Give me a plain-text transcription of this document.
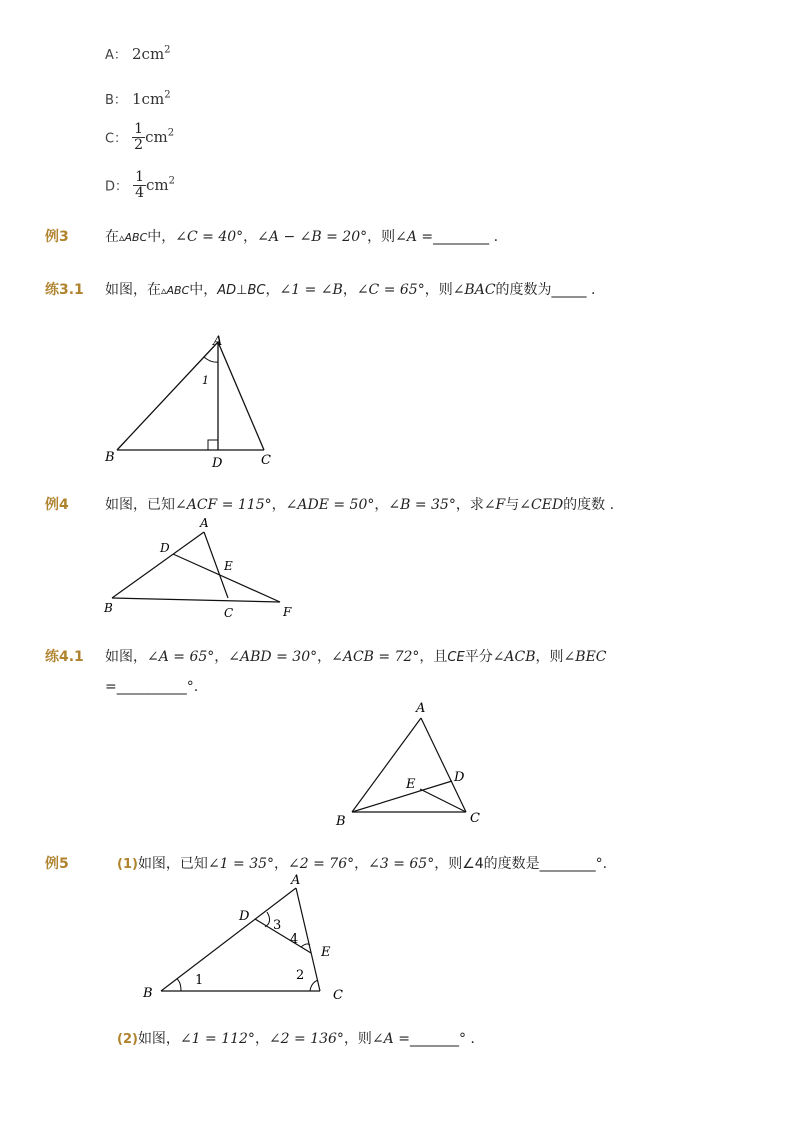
A： $2cm^2$
B： $1cm^2$
C： $\frac{1}{2} cm^2$
D： $\frac{1}{4} cm^2$
例3	在▵ABC中，∠C = 40°，∠A − ∠B = 20°，则∠A =________ .
练3.1 如图，在▵ABC中，AD⊥BC，∠1 = ∠B，∠C = 65°，则∠BAC的度数为_____ .
A
B	C
D
1
例4	如图，已知∠ACF = 115°，∠ADE = 50°，∠B = 35°，求∠F与∠CED的度数 .
A
B	C
D
E
F
练4.1 如图，∠A = 65°，∠ABD = 30°，∠ACB = 72°，且CE平分∠ACB，则∠BEC
=__________°.
A
B	C
D
E
例5	(1)如图，已知∠1 = 35°，∠2 = 76°，∠3 = 65°，则∠4的度数是________°.
A
B	C
D
E
1	2
3
4
(2)如图，∠1 = 112°，∠2 = 136°，则∠A =_______° .
